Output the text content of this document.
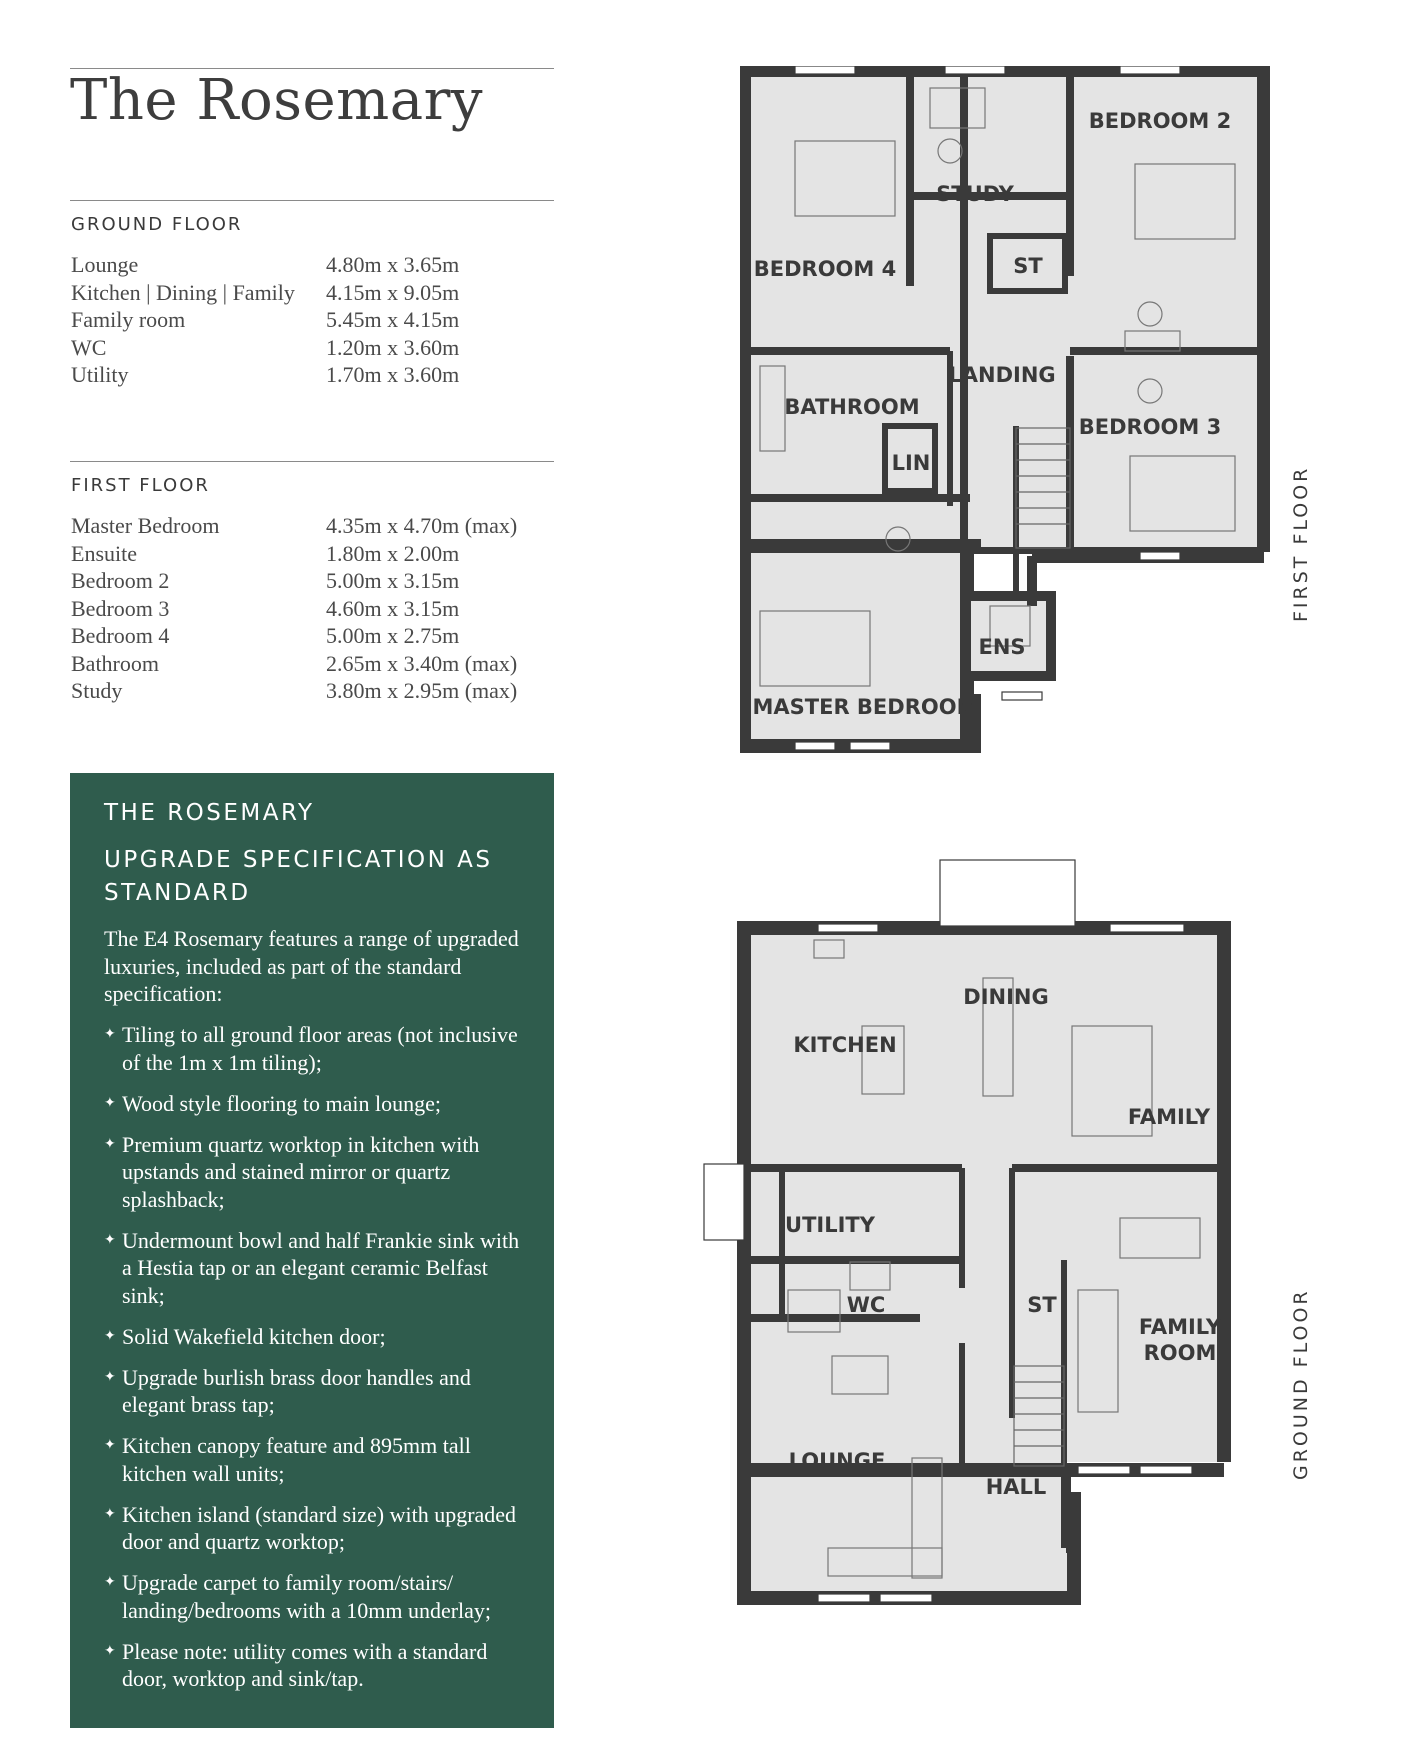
The Rosemary
GROUND FLOOR
Lounge	4.80m x 3.65m
Kitchen | Dining | Family	4.15m x 9.05m
Family room	5.45m x 4.15m
WC	1.20m x 3.60m
Utility	1.70m x 3.60m
FIRST FLOOR
Master Bedroom	4.35m x 4.70m (max)
Ensuite	1.80m x 2.00m
Bedroom 2	5.00m x 3.15m
Bedroom 3	4.60m x 3.15m
Bedroom 4	5.00m x 2.75m
Bathroom	2.65m x 3.40m (max)
Study	3.80m x 2.95m (max)
THE ROSEMARY
UPGRADE SPECIFICATION AS
STANDARD
The E4 Rosemary features a range of upgraded luxuries, included as part of the standard specification:
✦ Tiling to all ground floor areas (not inclusive of the 1m x 1m tiling);
✦ Wood style flooring to main lounge;
✦ Premium quartz worktop in kitchen with upstands and stained mirror or quartz splashback;
✦ Undermount bowl and half Frankie sink with a Hestia tap or an elegant ceramic Belfast sink;
✦ Solid Wakefield kitchen door;
✦ Upgrade burlish brass door handles and elegant brass tap;
✦ Kitchen canopy feature and 895mm tall kitchen wall units;
✦ Kitchen island (standard size) with upgraded door and quartz worktop;
✦ Upgrade carpet to family room/stairs/ landing/bedrooms with a 10mm underlay;
✦ Please note: utility comes with a standard door, worktop and sink/tap.
BEDROOM 4
STUDY
ST
BEDROOM 2
LANDING
BATHROOM
LIN
BEDROOM 3
ENS
MASTER BEDROOM
FIRST FLOOR
DINING
KITCHEN
FAMILY
UTILITY
WC	ST
FAMILY
ROOM
LOUNGE
HALL
GROUND FLOOR
